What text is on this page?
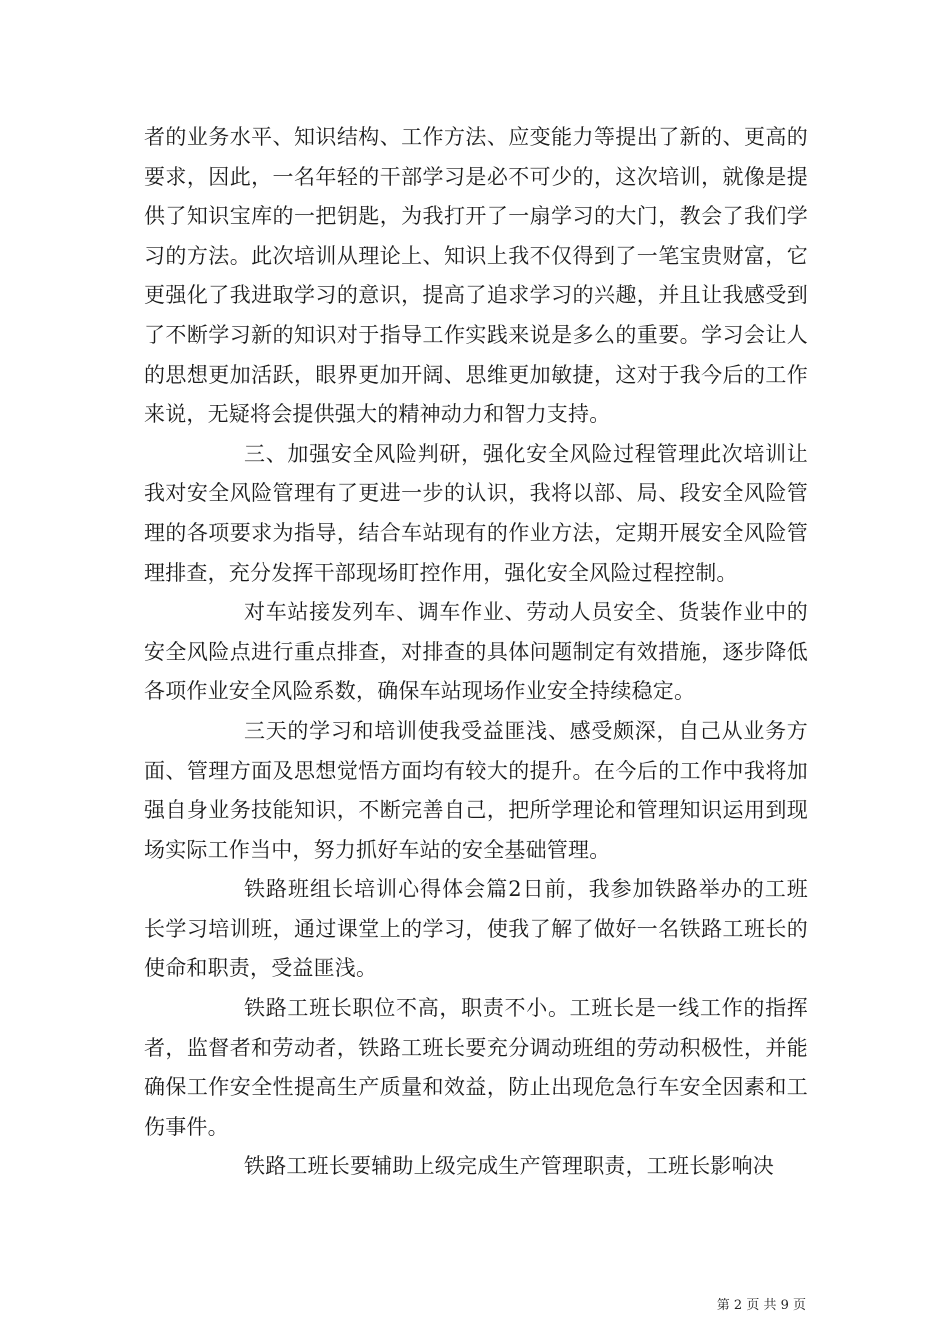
者的业务水平、知识结构、工作方法、应变能力等提出了新的、更高的要求，因此，一名年轻的干部学习是必不可少的，这次培训，就像是提供了知识宝库的一把钥匙，为我打开了一扇学习的大门，教会了我们学习的方法。此次培训从理论上、知识上我不仅得到了一笔宝贵财富，它更强化了我进取学习的意识，提高了追求学习的兴趣，并且让我感受到了不断学习新的知识对于指导工作实践来说是多么的重要。学习会让人的思想更加活跃，眼界更加开阔、思维更加敏捷，这对于我今后的工作来说，无疑将会提供强大的精神动力和智力支持。

三、加强安全风险判研，强化安全风险过程管理此次培训让我对安全风险管理有了更进一步的认识，我将以部、局、段安全风险管理的各项要求为指导，结合车站现有的作业方法，定期开展安全风险管理排查，充分发挥干部现场盯控作用，强化安全风险过程控制。

对车站接发列车、调车作业、劳动人员安全、货装作业中的安全风险点进行重点排查，对排查的具体问题制定有效措施，逐步降低各项作业安全风险系数，确保车站现场作业安全持续稳定。

三天的学习和培训使我受益匪浅、感受颇深，自己从业务方面、管理方面及思想觉悟方面均有较大的提升。在今后的工作中我将加强自身业务技能知识，不断完善自己，把所学理论和管理知识运用到现场实际工作当中，努力抓好车站的安全基础管理。

铁路班组长培训心得体会篇2日前，我参加铁路举办的工班长学习培训班，通过课堂上的学习，使我了解了做好一名铁路工班长的使命和职责，受益匪浅。

铁路工班长职位不高，职责不小。工班长是一线工作的指挥者，监督者和劳动者，铁路工班长要充分调动班组的劳动积极性，并能确保工作安全性提高生产质量和效益，防止出现危急行车安全因素和工伤事件。

铁路工班长要辅助上级完成生产管理职责，工班长影响决

第 2 页 共 9 页
